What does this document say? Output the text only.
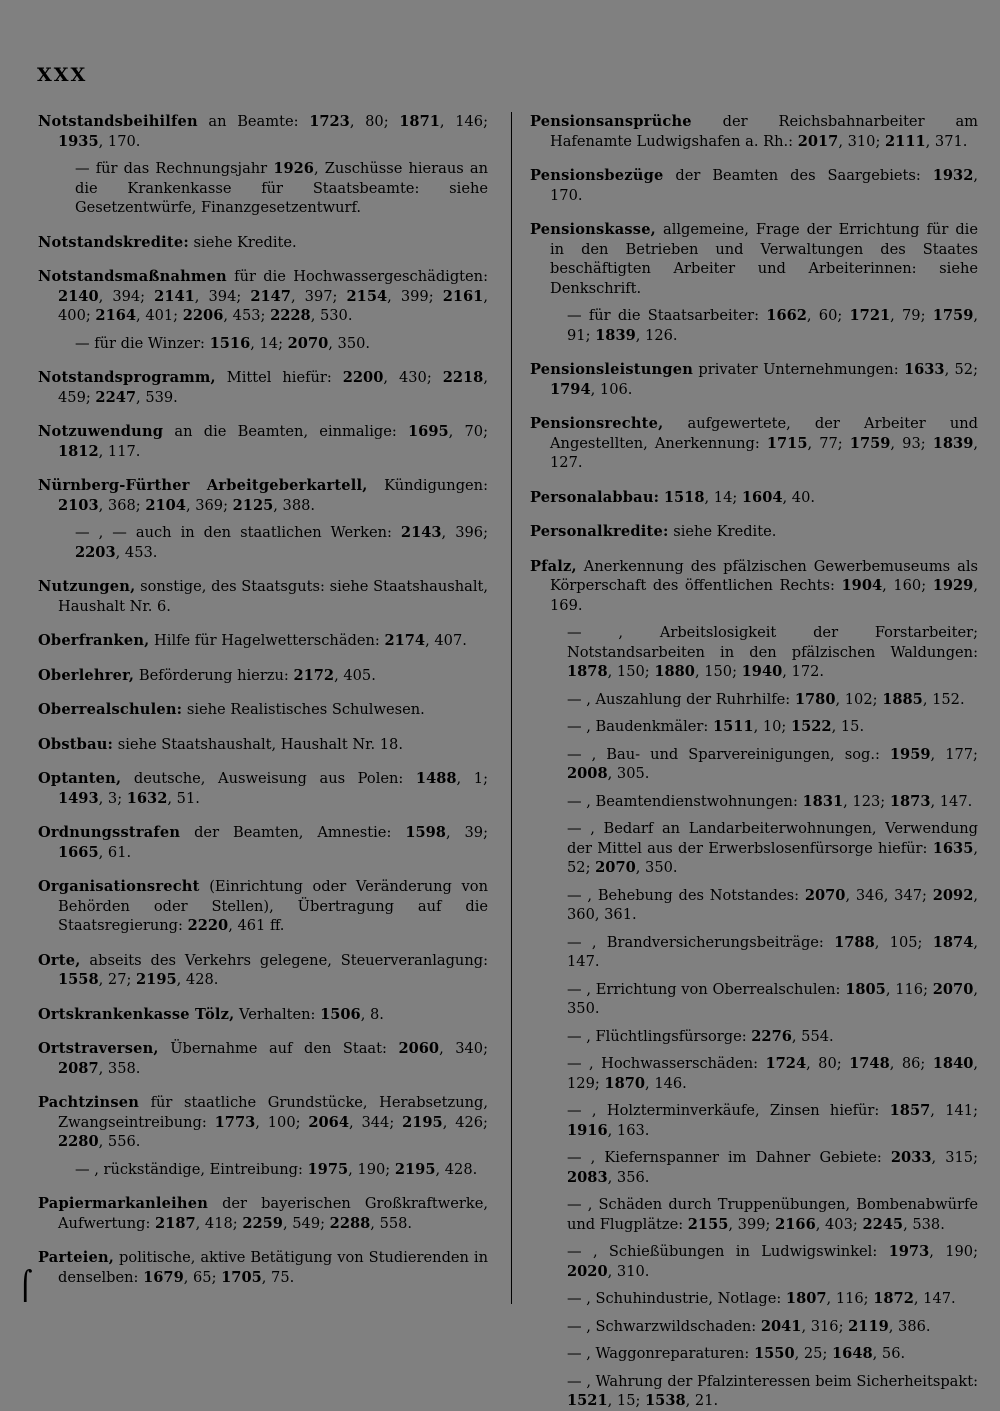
XXX
⌠
Notstandsbeihilfen an Beamte: 1723, 80; 1871, 146; 1935, 170.
— für das Rechnungsjahr 1926, Zuschüsse hieraus an die Krankenkasse für Staatsbeamte: siehe Gesetzentwürfe, Finanzgesetzentwurf.
Notstandskredite: siehe Kredite.
Notstandsmaßnahmen für die Hochwassergeschädigten: 2140, 394; 2141, 394; 2147, 397; 2154, 399; 2161, 400; 2164, 401; 2206, 453; 2228, 530.
— für die Winzer: 1516, 14; 2070, 350.
Notstandsprogramm, Mittel hiefür: 2200, 430; 2218, 459; 2247, 539.
Notzuwendung an die Beamten, einmalige: 1695, 70; 1812, 117.
Nürnberg-Fürther Arbeitgeberkartell, Kündigungen: 2103, 368; 2104, 369; 2125, 388.
— , — auch in den staatlichen Werken: 2143, 396; 2203, 453.
Nutzungen, sonstige, des Staatsguts: siehe Staatshaushalt, Haushalt Nr. 6.
Oberfranken, Hilfe für Hagelwetterschäden: 2174, 407.
Oberlehrer, Beförderung hierzu: 2172, 405.
Oberrealschulen: siehe Realistisches Schulwesen.
Obstbau: siehe Staatshaushalt, Haushalt Nr. 18.
Optanten, deutsche, Ausweisung aus Polen: 1488, 1; 1493, 3; 1632, 51.
Ordnungsstrafen der Beamten, Amnestie: 1598, 39; 1665, 61.
Organisationsrecht (Einrichtung oder Veränderung von Behörden oder Stellen), Übertragung auf die Staatsregierung: 2220, 461 ff.
Orte, abseits des Verkehrs gelegene, Steuerveranlagung: 1558, 27; 2195, 428.
Ortskrankenkasse Tölz, Verhalten: 1506, 8.
Ortstraversen, Übernahme auf den Staat: 2060, 340; 2087, 358.
Pachtzinsen für staatliche Grundstücke, Herabsetzung, Zwangseintreibung: 1773, 100; 2064, 344; 2195, 426; 2280, 556.
— , rückständige, Eintreibung: 1975, 190; 2195, 428.
Papiermarkanleihen der bayerischen Großkraftwerke, Aufwertung: 2187, 418; 2259, 549; 2288, 558.
Parteien, politische, aktive Betätigung von Studierenden in denselben: 1679, 65; 1705, 75.
Pensionsansprüche der Reichsbahnarbeiter am Hafenamte Ludwigshafen a. Rh.: 2017, 310; 2111, 371.
Pensionsbezüge der Beamten des Saargebiets: 1932, 170.
Pensionskasse, allgemeine, Frage der Errichtung für die in den Betrieben und Verwaltungen des Staates beschäftigten Arbeiter und Arbeiterinnen: siehe Denkschrift.
— für die Staatsarbeiter: 1662, 60; 1721, 79; 1759, 91; 1839, 126.
Pensionsleistungen privater Unternehmungen: 1633, 52; 1794, 106.
Pensionsrechte, aufgewertete, der Arbeiter und Angestellten, Anerkennung: 1715, 77; 1759, 93; 1839, 127.
Personalabbau: 1518, 14; 1604, 40.
Personalkredite: siehe Kredite.
Pfalz, Anerkennung des pfälzischen Gewerbemuseums als Körperschaft des öffentlichen Rechts: 1904, 160; 1929, 169.
— , Arbeitslosigkeit der Forstarbeiter; Notstandsarbeiten in den pfälzischen Waldungen: 1878, 150; 1880, 150; 1940, 172.
— , Auszahlung der Ruhrhilfe: 1780, 102; 1885, 152.
— , Baudenkmäler: 1511, 10; 1522, 15.
— , Bau- und Sparvereinigungen, sog.: 1959, 177; 2008, 305.
— , Beamtendienstwohnungen: 1831, 123; 1873, 147.
— , Bedarf an Landarbeiterwohnungen, Verwendung der Mittel aus der Erwerbslosenfürsorge hiefür: 1635, 52; 2070, 350.
— , Behebung des Notstandes: 2070, 346, 347; 2092, 360, 361.
— , Brandversicherungsbeiträge: 1788, 105; 1874, 147.
— , Errichtung von Oberrealschulen: 1805, 116; 2070, 350.
— , Flüchtlingsfürsorge: 2276, 554.
— , Hochwasserschäden: 1724, 80; 1748, 86; 1840, 129; 1870, 146.
— , Holzterminverkäufe, Zinsen hiefür: 1857, 141; 1916, 163.
— , Kiefernspanner im Dahner Gebiete: 2033, 315; 2083, 356.
— , Schäden durch Truppenübungen, Bombenabwürfe und Flugplätze: 2155, 399; 2166, 403; 2245, 538.
— , Schießübungen in Ludwigswinkel: 1973, 190; 2020, 310.
— , Schuhindustrie, Notlage: 1807, 116; 1872, 147.
— , Schwarzwildschaden: 2041, 316; 2119, 386.
— , Waggonreparaturen: 1550, 25; 1648, 56.
— , Wahrung der Pfalzinteressen beim Sicherheitspakt: 1521, 15; 1538, 21.
